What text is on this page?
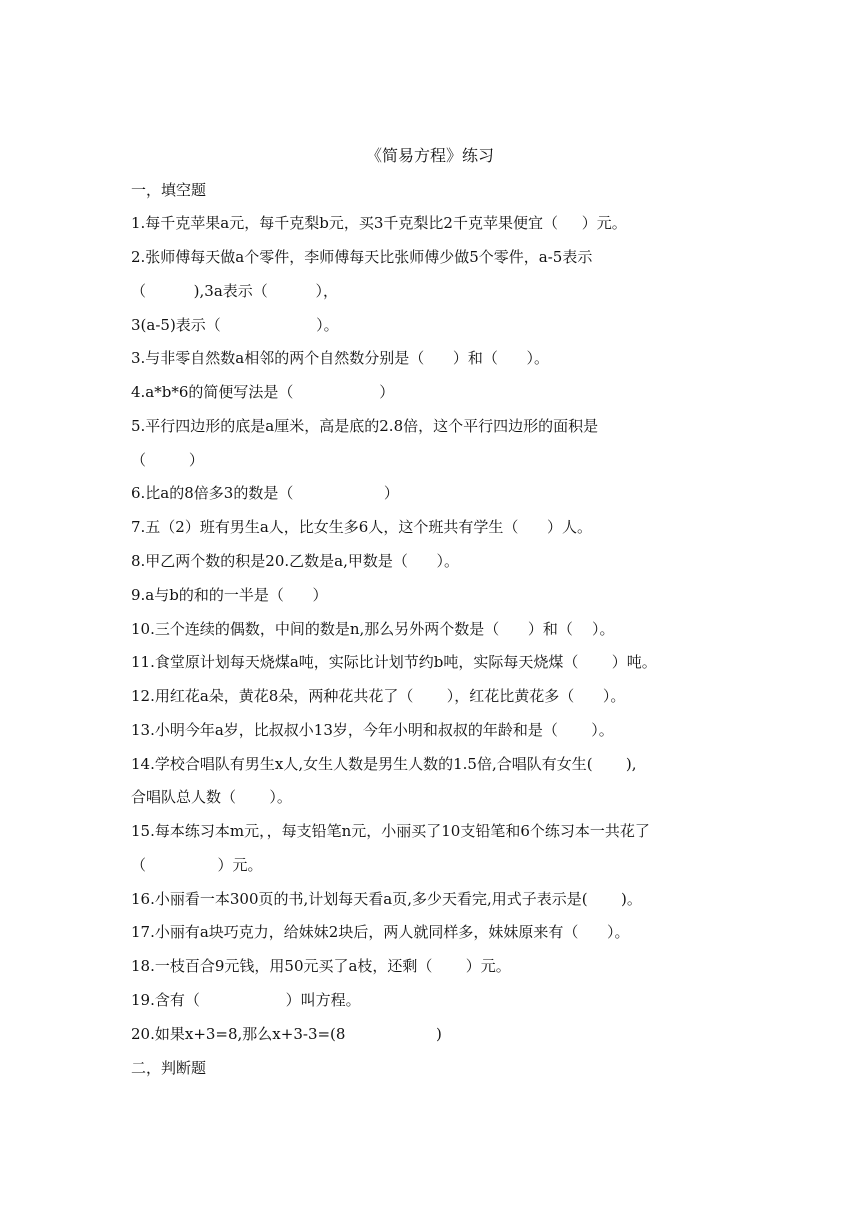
《简易方程》练习
一，填空题
1.每千克苹果a元，每千克梨b元，买3千克梨比2千克苹果便宜（     ）元。
2.张师傅每天做a个零件，李师傅每天比张师傅少做5个零件，a-5表示
（          ),3a表示（          ），
3(a-5)表示（                    ）。
3.与非零自然数a相邻的两个自然数分别是（      ）和（      ）。
4.a*b*6的简便写法是（                  ）
5.平行四边形的底是a厘米，高是底的2.8倍，这个平行四边形的面积是
（         ）
6.比a的8倍多3的数是（                   ）
7.五（2）班有男生a人，比女生多6人，这个班共有学生（      ）人。
8.甲乙两个数的积是20.乙数是a,甲数是（      ）。
9.a与b的和的一半是（      ）
10.三个连续的偶数，中间的数是n,那么另外两个数是（      ）和（    ）。
11.食堂原计划每天烧煤a吨，实际比计划节约b吨，实际每天烧煤（       ）吨。
12.用红花a朵，黄花8朵，两种花共花了（       ），红花比黄花多（      ）。
13.小明今年a岁，比叔叔小13岁，今年小明和叔叔的年龄和是（       ）。
14.学校合唱队有男生x人,女生人数是男生人数的1.5倍,合唱队有女生(       ),
合唱队总人数（       ）。
15.每本练习本m元，，每支铅笔n元，小丽买了10支铅笔和6个练习本一共花了
（               ）元。
16.小丽看一本300页的书,计划每天看a页,多少天看完,用式子表示是(       )。
17.小丽有a块巧克力，给妹妹2块后，两人就同样多，妹妹原来有（      ）。
18.一枝百合9元钱，用50元买了a枝，还剩（       ）元。
19.含有（                  ）叫方程。
20.如果x+3=8,那么x+3-3=(8                   )
二，判断题
